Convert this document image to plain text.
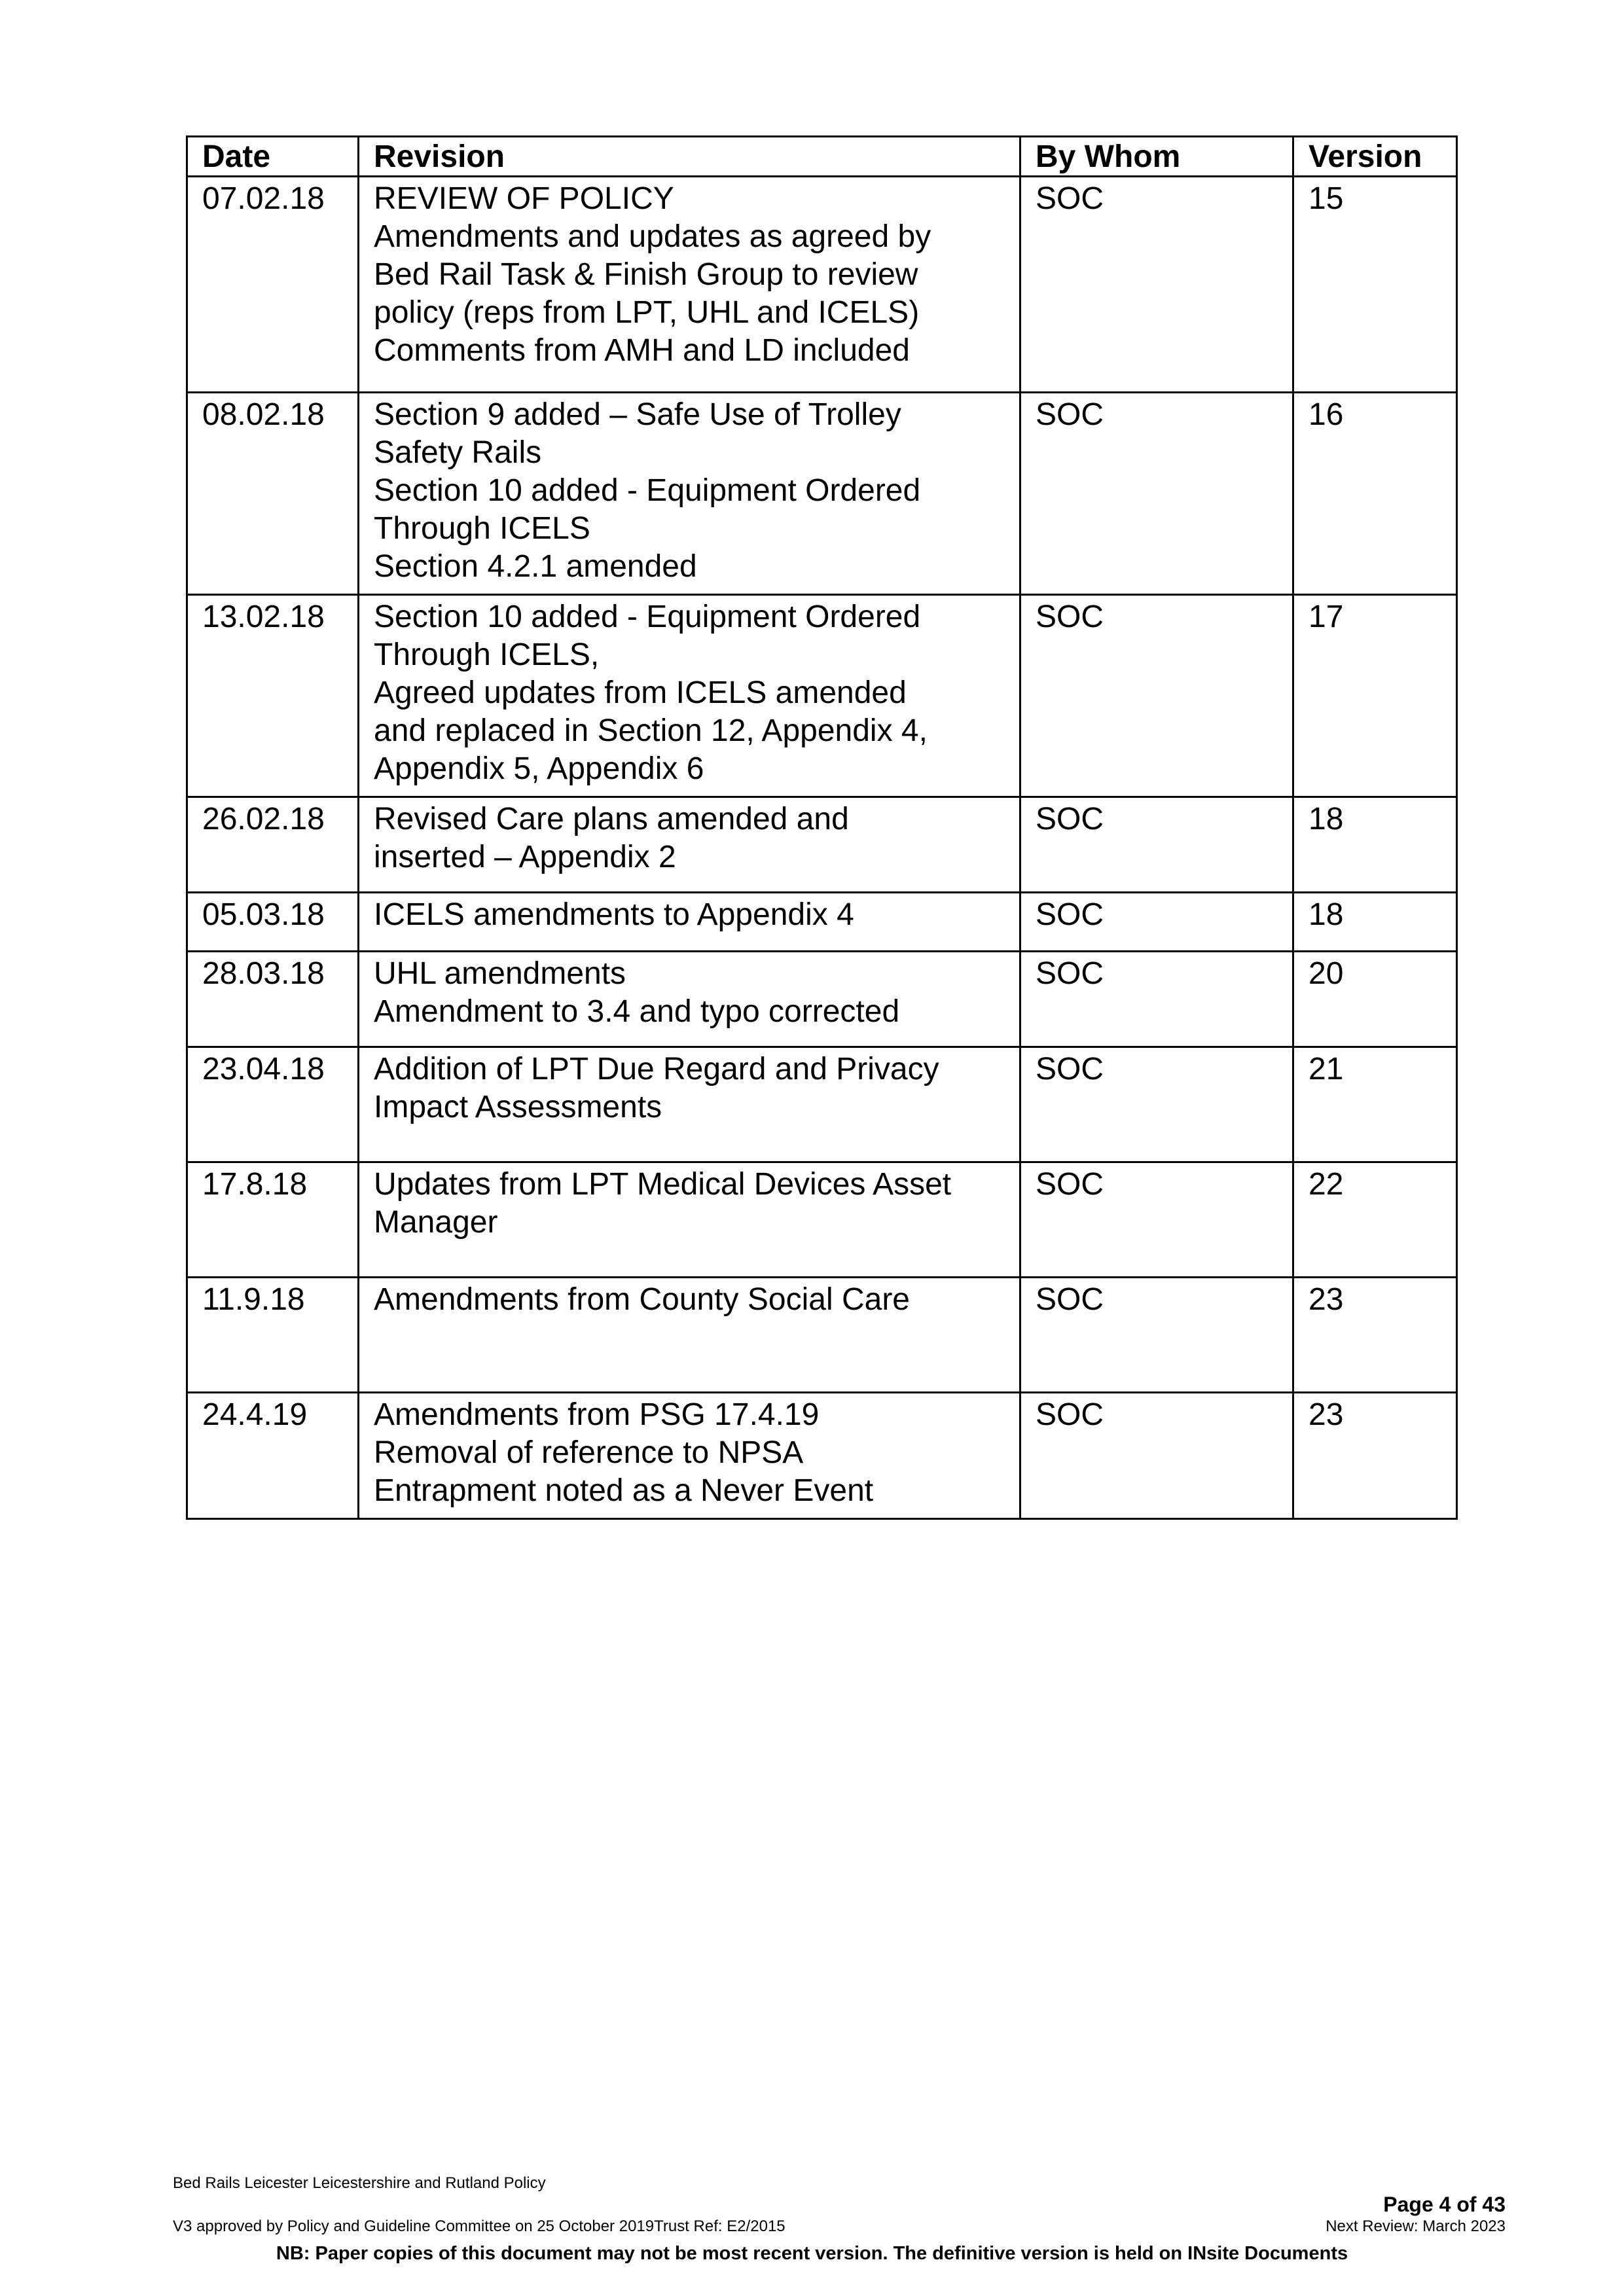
Date	Revision	By Whom	Version
07.02.18	REVIEW OF POLICY
Amendments and updates as agreed by
Bed Rail Task & Finish Group to review
policy (reps from LPT, UHL and ICELS)
Comments from AMH and LD included	SOC	15
08.02.18	Section 9 added – Safe Use of Trolley
Safety Rails
Section 10 added - Equipment Ordered
Through ICELS
Section 4.2.1 amended	SOC	16
13.02.18	Section 10 added - Equipment Ordered
Through ICELS,
Agreed updates from ICELS amended
and replaced in Section 12, Appendix 4,
Appendix 5, Appendix 6	SOC	17
26.02.18	Revised Care plans amended and
inserted – Appendix 2	SOC	18
05.03.18	ICELS amendments to Appendix 4	SOC	18
28.03.18	UHL amendments
Amendment to 3.4 and typo corrected	SOC	20
23.04.18	Addition of LPT Due Regard and Privacy
Impact Assessments	SOC	21
17.8.18	Updates from LPT Medical Devices Asset
Manager	SOC	22
11.9.18	Amendments from County Social Care	SOC	23
24.4.19	Amendments from PSG 17.4.19
Removal of reference to NPSA
Entrapment noted as a Never Event	SOC	23
Bed Rails Leicester Leicestershire and Rutland Policy
Page 4 of 43
V3 approved by Policy and Guideline Committee on 25 October 2019Trust Ref: E2/2015	Next Review: March 2023
NB: Paper copies of this document may not be most recent version. The definitive version is held on INsite Documents
